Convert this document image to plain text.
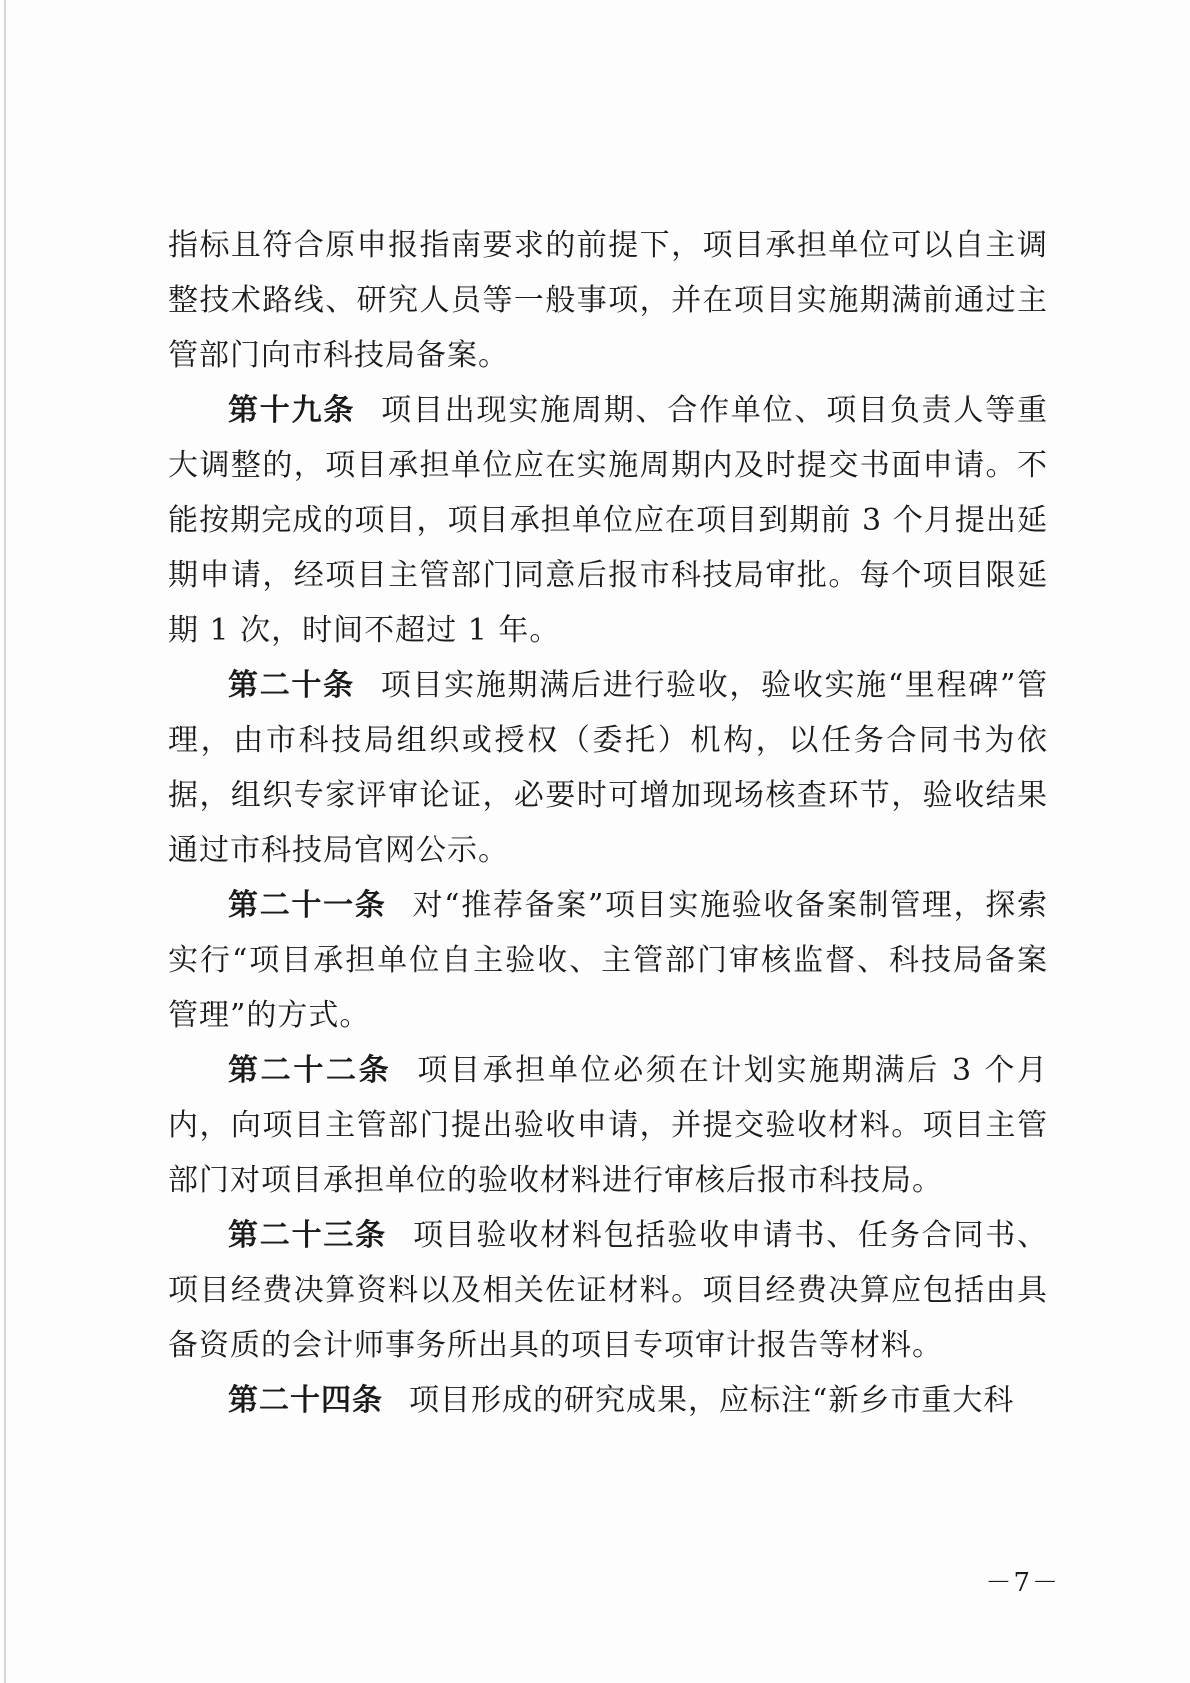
指标且符合原申报指南要求的前提下，项目承担单位可以自主调整技术路线、研究人员等一般事项，并在项目实施期满前通过主管部门向市科技局备案。

第十九条 项目出现实施周期、合作单位、项目负责人等重大调整的，项目承担单位应在实施周期内及时提交书面申请。不能按期完成的项目，项目承担单位应在项目到期前 3 个月提出延期申请，经项目主管部门同意后报市科技局审批。每个项目限延期 1 次，时间不超过 1 年。

第二十条 项目实施期满后进行验收，验收实施“里程碑”管理，由市科技局组织或授权（委托）机构，以任务合同书为依据，组织专家评审论证，必要时可增加现场核查环节，验收结果通过市科技局官网公示。

第二十一条 对“推荐备案”项目实施验收备案制管理，探索实行“项目承担单位自主验收、主管部门审核监督、科技局备案管理”的方式。

第二十二条 项目承担单位必须在计划实施期满后 3 个月内，向项目主管部门提出验收申请，并提交验收材料。项目主管部门对项目承担单位的验收材料进行审核后报市科技局。

第二十三条 项目验收材料包括验收申请书、任务合同书、项目经费决算资料以及相关佐证材料。项目经费决算应包括由具备资质的会计师事务所出具的项目专项审计报告等材料。

第二十四条 项目形成的研究成果，应标注“新乡市重大科

－7－
